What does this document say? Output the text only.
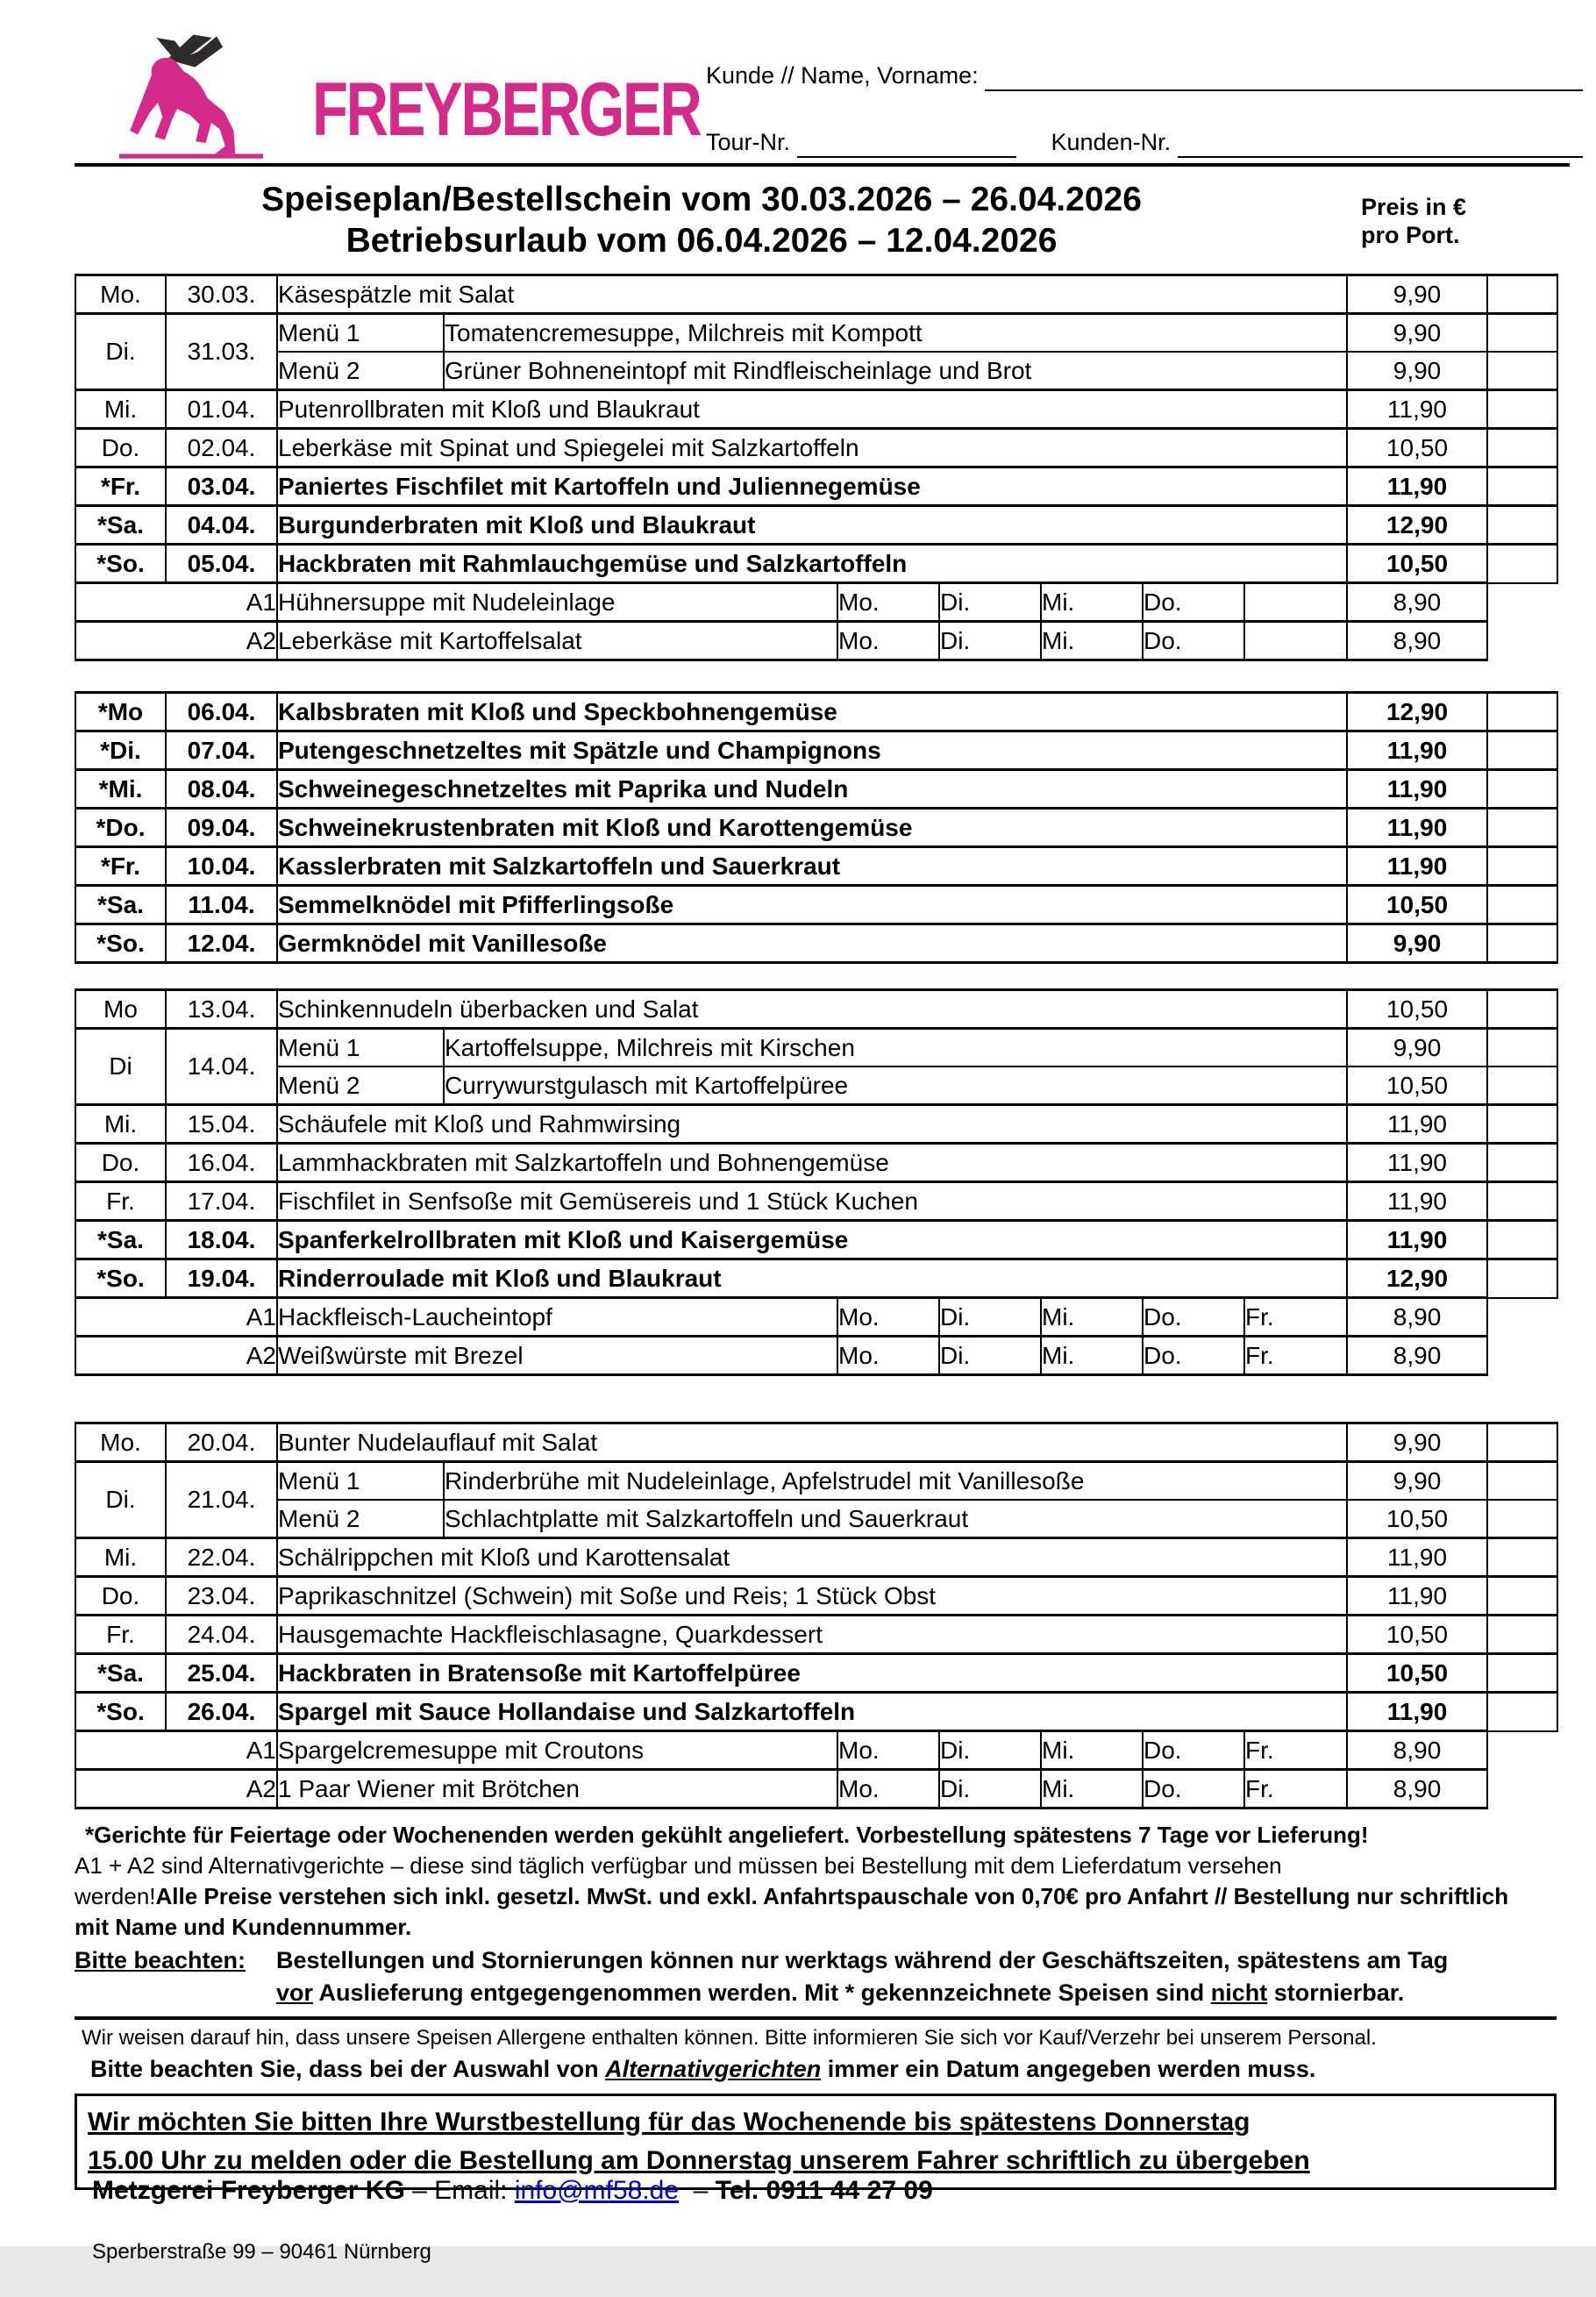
FREYBERGER Kunde // Name, Vorname:
Tour-Nr.	Kunden-Nr.
Speiseplan/Bestellschein vom 30.03.2026 – 26.04.2026
Betriebsurlaub vom 06.04.2026 – 12.04.2026
Preis in €
pro Port.
Mo.	30.03.	Käsespätzle mit Salat							9,90	
Di.	31.03.	Menü 1	Tomatencremesuppe, Milchreis mit Kompott						9,90	
		Menü 2	Grüner Bohneneintopf mit Rindfleischeinlage und Brot						9,90	
Mi.	01.04.	Putenrollbraten mit Kloß und Blaukraut							11,90	
Do.	02.04.	Leberkäse mit Spinat und Spiegelei mit Salzkartoffeln							10,50	
*Fr.	03.04.	Paniertes Fischfilet mit Kartoffeln und Juliennegemüse							11,90	
*Sa.	04.04.	Burgunderbraten mit Kloß und Blaukraut							12,90	
*So.	05.04.	Hackbraten mit Rahmlauchgemüse und Salzkartoffeln							10,50	
A1		Hühnersuppe mit Nudeleinlage		Mo.	Di.	Mi.	Do.		8,90	
A2		Leberkäse mit Kartoffelsalat		Mo.	Di.	Mi.	Do.		8,90	
*Mo	06.04.	Kalbsbraten mit Kloß und Speckbohnengemüse	12,90	
*Di.	07.04.	Putengeschnetzeltes mit Spätzle und Champignons	11,90	
*Mi.	08.04.	Schweinegeschnetzeltes mit Paprika und Nudeln	11,90	
*Do.	09.04.	Schweinekrustenbraten mit Kloß und Karottengemüse	11,90	
*Fr.	10.04.	Kasslerbraten mit Salzkartoffeln und Sauerkraut	11,90	
*Sa.	11.04.	Semmelknödel mit Pfifferlingsoße	10,50	
*So.	12.04.	Germknödel mit Vanillesoße	9,90	
Mo	13.04.	Schinkennudeln überbacken und Salat							10,50	
Di	14.04.	Menü 1	Kartoffelsuppe, Milchreis mit Kirschen						9,90	
		Menü 2	Currywurstgulasch mit Kartoffelpüree						10,50	
Mi.	15.04.	Schäufele mit Kloß und Rahmwirsing							11,90	
Do.	16.04.	Lammhackbraten mit Salzkartoffeln und Bohnengemüse							11,90	
Fr.	17.04.	Fischfilet in Senfsoße mit Gemüsereis und 1 Stück Kuchen							11,90	
*Sa.	18.04.	Spanferkelrollbraten mit Kloß und Kaisergemüse							11,90	
*So.	19.04.	Rinderroulade mit Kloß und Blaukraut							12,90	
A1		Hackfleisch-Laucheintopf		Mo.	Di.	Mi.	Do.	Fr.	8,90	
A2		Weißwürste mit Brezel		Mo.	Di.	Mi.	Do.	Fr.	8,90	
Mo.	20.04.	Bunter Nudelauflauf mit Salat							9,90	
Di.	21.04.	Menü 1	Rinderbrühe mit Nudeleinlage, Apfelstrudel mit Vanillesoße						9,90	
		Menü 2	Schlachtplatte mit Salzkartoffeln und Sauerkraut						10,50	
Mi.	22.04.	Schälrippchen mit Kloß und Karottensalat							11,90	
Do.	23.04.	Paprikaschnitzel (Schwein) mit Soße und Reis; 1 Stück Obst							11,90	
Fr.	24.04.	Hausgemachte Hackfleischlasagne, Quarkdessert							10,50	
*Sa.	25.04.	Hackbraten in Bratensoße mit Kartoffelpüree							10,50	
*So.	26.04.	Spargel mit Sauce Hollandaise und Salzkartoffeln							11,90	
A1		Spargelcremesuppe mit Croutons		Mo.	Di.	Mi.	Do.	Fr.	8,90	
A2		1 Paar Wiener mit Brötchen		Mo.	Di.	Mi.	Do.	Fr.	8,90	
*Gerichte für Feiertage oder Wochenenden werden gekühlt angeliefert. Vorbestellung spätestens 7 Tage vor Lieferung!
A1 + A2 sind Alternativgerichte – diese sind täglich verfügbar und müssen bei Bestellung mit dem Lieferdatum versehen
werden!Alle Preise verstehen sich inkl. gesetzl. MwSt. und exkl. Anfahrtspauschale von 0,70€ pro Anfahrt // Bestellung nur schriftlich
mit Name und Kundennummer.
Bitte beachten:	Bestellungen und Stornierungen können nur werktags während der Geschäftszeiten, spätestens am Tag
vor Auslieferung entgegengenommen werden. Mit * gekennzeichnete Speisen sind nicht stornierbar.
Wir weisen darauf hin, dass unsere Speisen Allergene enthalten können. Bitte informieren Sie sich vor Kauf/Verzehr bei unserem Personal.
Bitte beachten Sie, dass bei der Auswahl von Alternativgerichten immer ein Datum angegeben werden muss.
Wir möchten Sie bitten Ihre Wurstbestellung für das Wochenende bis spätestens Donnerstag
15.00 Uhr zu melden oder die Bestellung am Donnerstag unserem Fahrer schriftlich zu übergeben

Metzgerei Freyberger KG – Email: info@mf58.de  – Tel. 0911 44 27 09

Sperberstraße 99 – 90461 Nürnberg
